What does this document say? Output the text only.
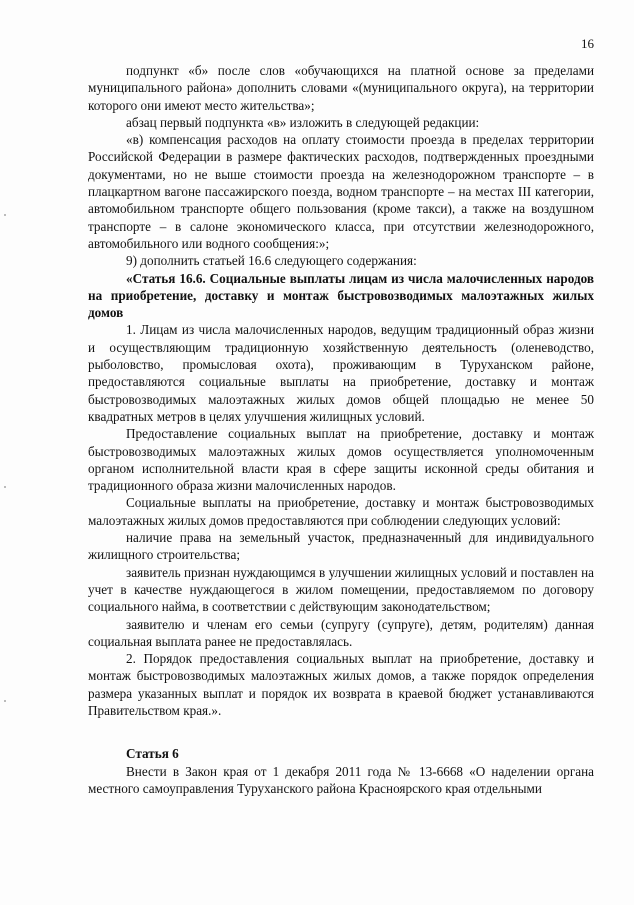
16

подпункт «б» после слов «обучающихся на платной основе за пределами муниципального района» дополнить словами «(муниципального округа), на территории которого они имеют место жительства»;

абзац первый подпункта «в» изложить в следующей редакции:

«в) компенсация расходов на оплату стоимости проезда в пределах территории Российской Федерации в размере фактических расходов, подтвержденных проездными документами, но не выше стоимости проезда на железнодорожном транспорте – в плацкартном вагоне пассажирского поезда, водном транспорте – на местах III категории, автомобильном транспорте общего пользования (кроме такси), а также на воздушном транспорте – в салоне экономического класса, при отсутствии железнодорожного, автомобильного или водного сообщения:»;

9) дополнить статьей 16.6 следующего содержания:

«Статья 16.6. Социальные выплаты лицам из числа малочисленных народов на приобретение, доставку и монтаж быстровозводимых малоэтажных жилых домов

1. Лицам из числа малочисленных народов, ведущим традиционный образ жизни и осуществляющим традиционную хозяйственную деятельность (оленеводство, рыболовство, промысловая охота), проживающим в Туруханском районе, предоставляются социальные выплаты на приобретение, доставку и монтаж быстровозводимых малоэтажных жилых домов общей площадью не менее 50 квадратных метров в целях улучшения жилищных условий.

Предоставление социальных выплат на приобретение, доставку и монтаж быстровозводимых малоэтажных жилых домов осуществляется уполномоченным органом исполнительной власти края в сфере защиты исконной среды обитания и традиционного образа жизни малочисленных народов.

Социальные выплаты на приобретение, доставку и монтаж быстровозводимых малоэтажных жилых домов предоставляются при соблюдении следующих условий:

наличие права на земельный участок, предназначенный для индивидуального жилищного строительства;

заявитель признан нуждающимся в улучшении жилищных условий и поставлен на учет в качестве нуждающегося в жилом помещении, предоставляемом по договору социального найма, в соответствии с действующим законодательством;

заявителю и членам его семьи (супругу (супруге), детям, родителям) данная социальная выплата ранее не предоставлялась.

2. Порядок предоставления социальных выплат на приобретение, доставку и монтаж быстровозводимых малоэтажных жилых домов, а также порядок определения размера указанных выплат и порядок их возврата в краевой бюджет устанавливаются Правительством края.».

Статья 6

Внести в Закон края от 1 декабря 2011 года № 13-6668 «О наделении органа местного самоуправления Туруханского района Красноярского края отдельными
